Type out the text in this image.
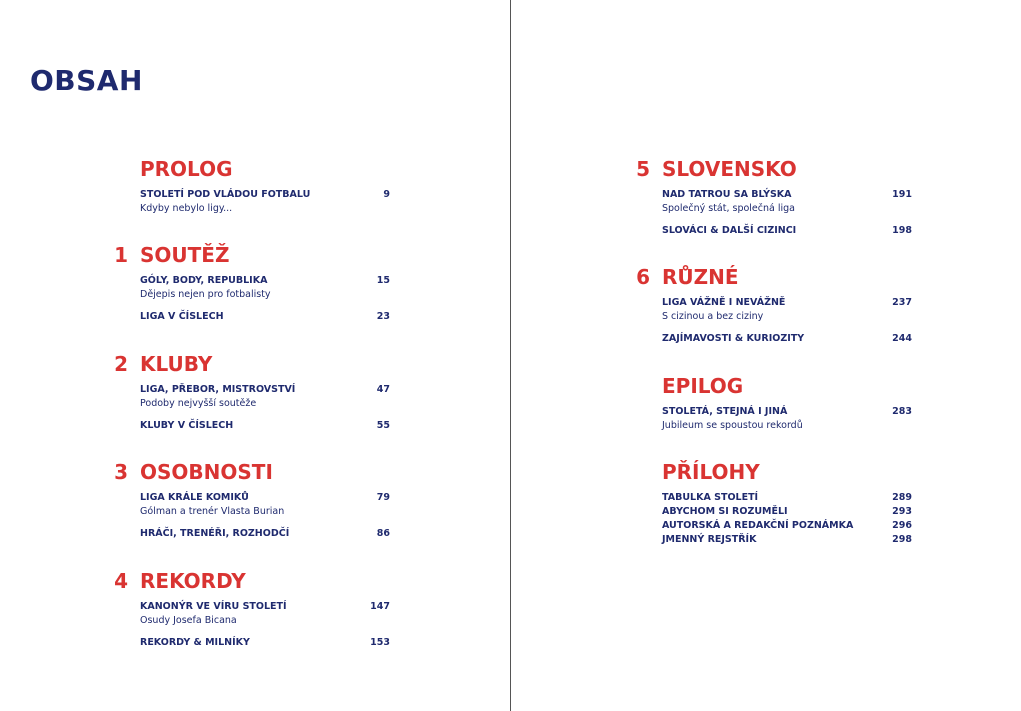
OBSAH
PROLOG
STOLETÍ POD VLÁDOU FOTBALU	9
Kdyby nebylo ligy...
1 SOUTĚŽ
GÓLY, BODY, REPUBLIKA	15
Dějepis nejen pro fotbalisty
LIGA V ČÍSLECH	23
2 KLUBY
LIGA, PŘEBOR, MISTROVSTVÍ	47
Podoby nejvyšší soutěže
KLUBY V ČÍSLECH	55
3 OSOBNOSTI
LIGA KRÁLE KOMIKŮ	79
Gólman a trenér Vlasta Burian
HRÁČI, TRENÉŘI, ROZHODČÍ	86
4 REKORDY
KANONÝR VE VÍRU STOLETÍ	147
Osudy Josefa Bicana
REKORDY & MILNÍKY	153
5 SLOVENSKO
NAD TATROU SA BLÝSKA	191
Společný stát, společná liga
SLOVÁCI & DALŠÍ CIZINCI	198
6 RŮZNÉ
LIGA VÁŽNĚ I NEVÁŽNĚ	237
S cizinou a bez ciziny
ZAJÍMAVOSTI & KURIOZITY	244
EPILOG
STOLETÁ, STEJNÁ I JINÁ	283
Jubileum se spoustou rekordů
PŘÍLOHY
TABULKA STOLETÍ	289
ABYCHOM SI ROZUMĚLI	293
AUTORSKÁ A REDAKČNÍ POZNÁMKA	296
JMENNÝ REJSTŘÍK	298
